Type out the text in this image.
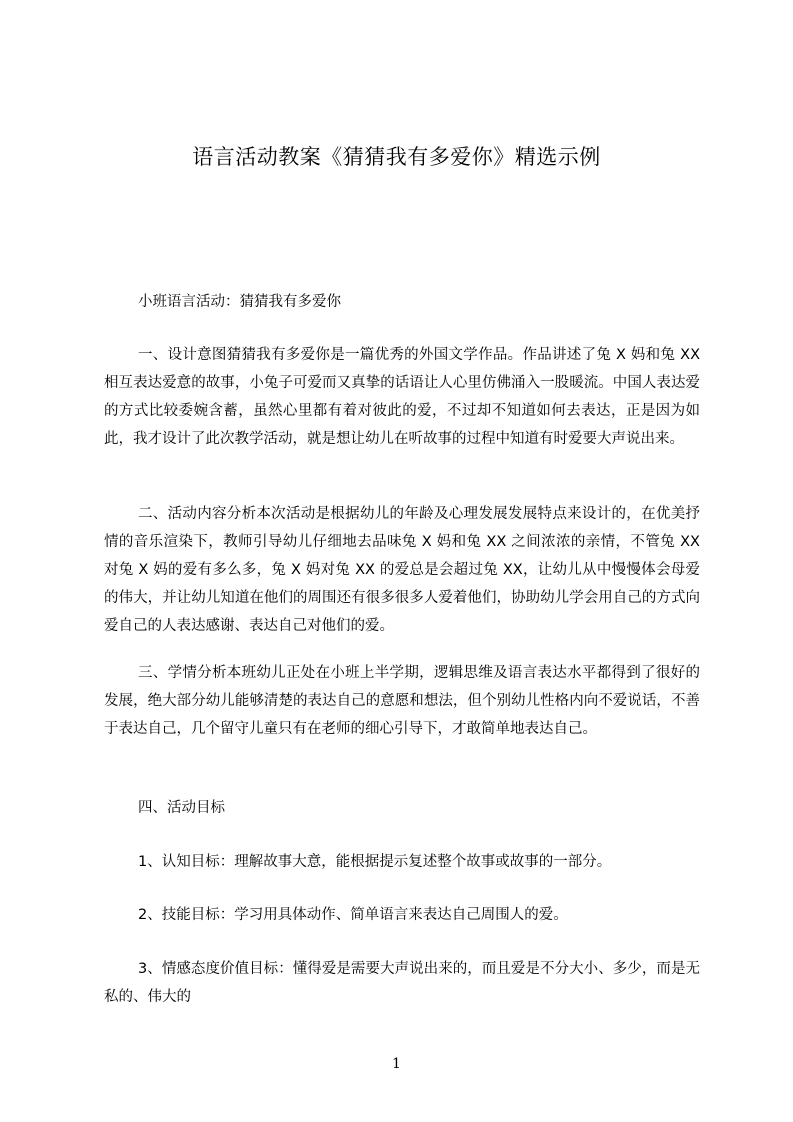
语言活动教案《猜猜我有多爱你》精选示例

小班语言活动：猜猜我有多爱你

一、设计意图猜猜我有多爱你是一篇优秀的外国文学作品。作品讲述了兔 X 妈和兔 XX 相互表达爱意的故事，小兔子可爱而又真挚的话语让人心里仿佛涌入一股暖流。中国人表达爱的方式比较委婉含蓄，虽然心里都有着对彼此的爱，不过却不知道如何去表达，正是因为如此，我才设计了此次教学活动，就是想让幼儿在听故事的过程中知道有时爱要大声说出来。

二、活动内容分析本次活动是根据幼儿的年龄及心理发展发展特点来设计的，在优美抒情的音乐渲染下，教师引导幼儿仔细地去品味兔 X 妈和兔 XX 之间浓浓的亲情，不管兔 XX 对兔 X 妈的爱有多么多，兔 X 妈对兔 XX 的爱总是会超过兔 XX，让幼儿从中慢慢体会母爱的伟大，并让幼儿知道在他们的周围还有很多很多人爱着他们，协助幼儿学会用自己的方式向爱自己的人表达感谢、表达自己对他们的爱。

三、学情分析本班幼儿正处在小班上半学期，逻辑思维及语言表达水平都得到了很好的发展，绝大部分幼儿能够清楚的表达自己的意愿和想法，但个别幼儿性格内向不爱说话，不善于表达自己，几个留守儿童只有在老师的细心引导下，才敢简单地表达自己。

四、活动目标

1、认知目标：理解故事大意，能根据提示复述整个故事或故事的一部分。

2、技能目标：学习用具体动作、简单语言来表达自己周围人的爱。

3、情感态度价值目标：懂得爱是需要大声说出来的，而且爱是不分大小、多少，而是无私的、伟大的

1
